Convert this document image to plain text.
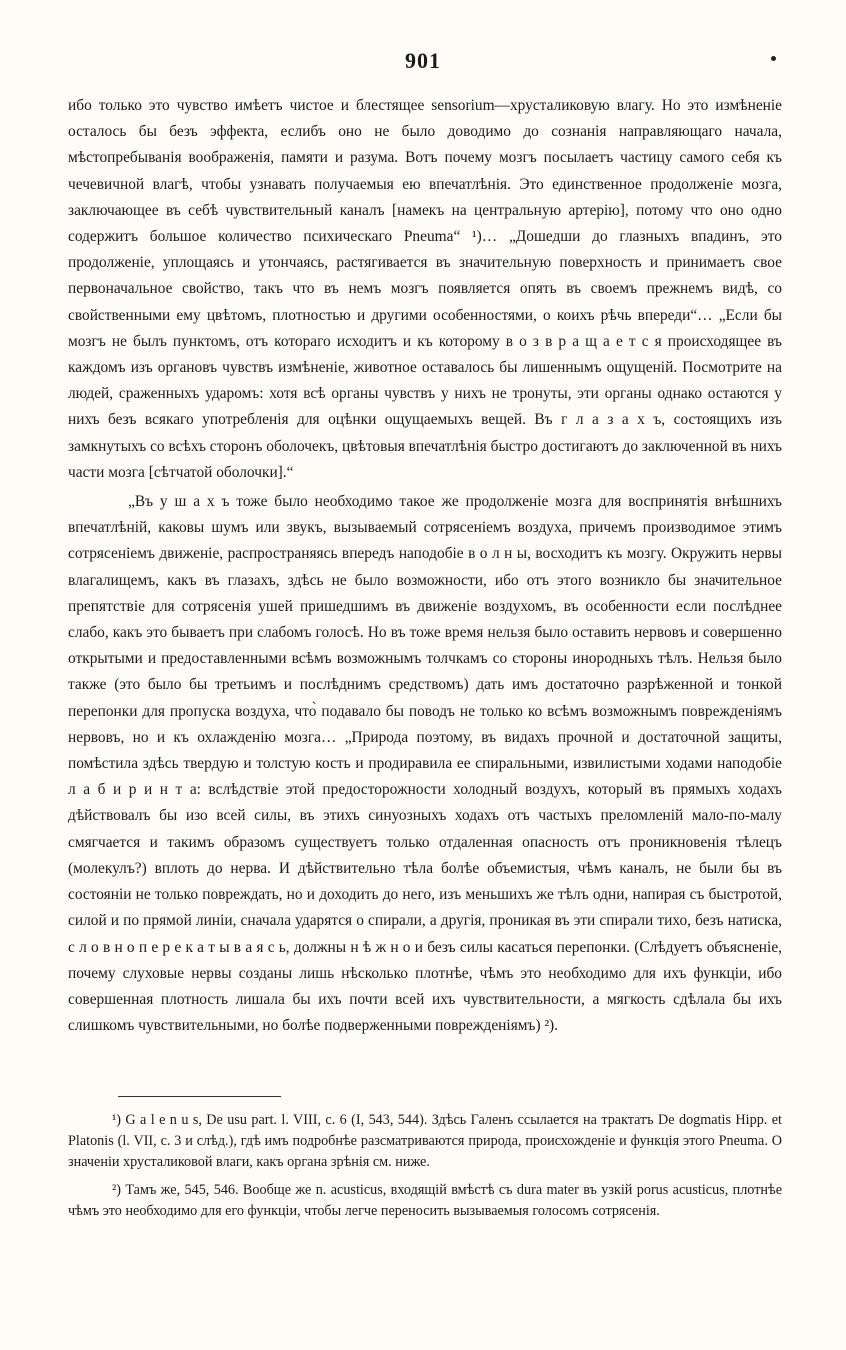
901

ибо только это чувство имѣетъ чистое и блестящее sensorium—хрусталиковую влагу. Но это измѣненіе осталось бы безъ эффекта, еслибъ оно не было доводимо до сознанія направляющаго начала, мѣстопребыванія воображенія, памяти и разума. Вотъ почему мозгъ посылаетъ частицу самого себя къ чечевичной влагѣ, чтобы узнавать получаемыя ею впечатлѣнія. Это единственное продолженіе мозга, заключающее въ себѣ чувствительный каналъ [намекъ на центральную артерію], потому что оно одно содержитъ большое количество психическаго Pneuma“ ¹)… „Дошедши до глазныхъ впадинъ, это продолженіе, уплощаясь и утончаясь, растягивается въ значительную поверхность и принимаетъ свое первоначальное свойство, такъ что въ немъ мозгъ появляется опять въ своемъ прежнемъ видѣ, со свойственными ему цвѣтомъ, плотностью и другими особенностями, о коихъ рѣчь впереди“… „Если бы мозгъ не былъ пунктомъ, отъ котораго исходитъ и къ которому в о з в р а щ а е т с я происходящее въ каждомъ изъ органовъ чувствъ измѣненіе, животное оставалось бы лишеннымъ ощущеній. Посмотрите на людей, сраженныхъ ударомъ: хотя всѣ органы чувствъ у нихъ не тронуты, эти органы однако остаются у нихъ безъ всякаго употребленія для оцѣнки ощущаемыхъ вещей. Въ г л а з а х ъ, состоящихъ изъ замкнутыхъ со всѣхъ сторонъ оболочекъ, цвѣтовыя впечатлѣнія быстро достигаютъ до заключенной въ нихъ части мозга [сѣтчатой оболочки].“

„Въ у ш а х ъ тоже было необходимо такое же продолженіе мозга для воспринятія внѣшнихъ впечатлѣній, каковы шумъ или звукъ, вызываемый сотрясеніемъ воздуха, причемъ производимое этимъ сотрясеніемъ движеніе, распространяясь впередъ наподобіе в о л н ы, восходитъ къ мозгу. Окружить нервы влагалищемъ, какъ въ глазахъ, здѣсь не было возможности, ибо отъ этого возникло бы значительное препятствіе для сотрясенія ушей пришедшимъ въ движеніе воздухомъ, въ особенности если послѣднее слабо, какъ это бываетъ при слабомъ голосѣ. Но въ тоже время нельзя было оставить нервовъ и совершенно открытыми и предоставленными всѣмъ возможнымъ толчкамъ со стороны инородныхъ тѣлъ. Нельзя было также (это было бы третьимъ и послѣднимъ средствомъ) дать имъ достаточно разрѣженной и тонкой перепонки для пропуска воздуха, что̀ подавало бы поводъ не только ко всѣмъ возможнымъ поврежденіямъ нервовъ, но и къ охлажденію мозга… „Природа поэтому, въ видахъ прочной и достаточной защиты, помѣстила здѣсь твердую и толстую кость и продиравила ее спиральными, извилистыми ходами наподобіе л а б и р и н т а: вслѣдствіе этой предосторожности холодный воздухъ, который въ прямыхъ ходахъ дѣйствовалъ бы изо всей силы, въ этихъ синуозныхъ ходахъ отъ частыхъ преломленій мало-по-малу смягчается и такимъ образомъ существуетъ только отдаленная опасность отъ проникновенія тѣлецъ (молекулъ?) вплоть до нерва. И дѣйствительно тѣла болѣе объемистыя, чѣмъ каналъ, не были бы въ состояніи не только повреждать, но и доходить до него, изъ меньшихъ же тѣлъ одни, напирая съ быстротой, силой и по прямой линіи, сначала ударятся о спирали, а другія, проникая въ эти спирали тихо, безъ натиска, с л о в н о п е р е к а т ы в а я с ь, должны н ѣ ж н о и безъ силы касаться перепонки. (Слѣдуетъ объясненіе, почему слуховые нервы созданы лишь нѣсколько плотнѣе, чѣмъ это необходимо для ихъ функціи, ибо совершенная плотность лишала бы ихъ почти всей ихъ чувствительности, а мягкость сдѣлала бы ихъ слишкомъ чувствительными, но болѣе подверженными поврежденіямъ) ²).

¹) G a l e n u s, De usu part. l. VIII, c. 6 (I, 543, 544). Здѣсь Галенъ ссылается на трактатъ De dogmatis Hipp. et Platonis (l. VII, c. 3 и слѣд.), гдѣ имъ подробнѣе разсматриваются природа, происхожденіе и функція этого Pneuma. О значеніи хрусталиковой влаги, какъ органа зрѣнія см. ниже.

²) Тамъ же, 545, 546. Вообще же n. acusticus, входящій вмѣстѣ съ dura mater въ узкій porus acusticus, плотнѣе чѣмъ это необходимо для его функціи, чтобы легче переносить вызываемыя голосомъ сотрясенія.
